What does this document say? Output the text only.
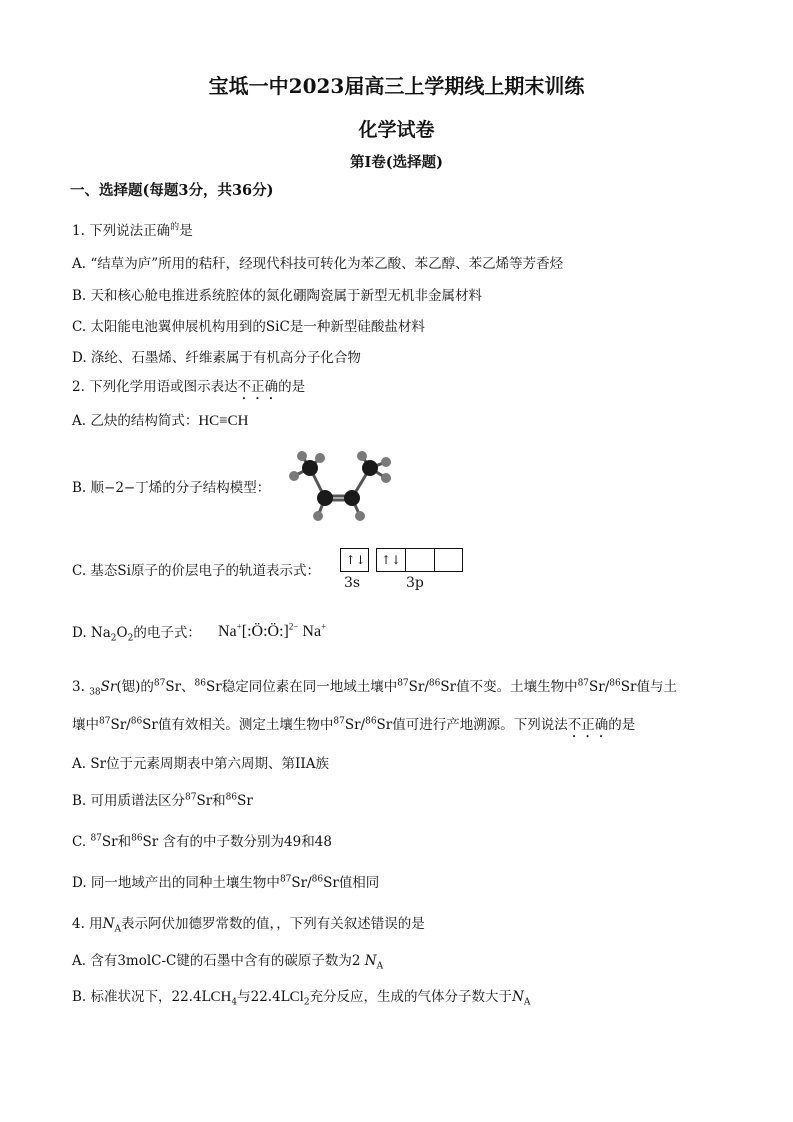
宝坻一中2023届高三上学期线上期末训练
化学试卷
第I卷(选择题)
一、选择题(每题3分，共36分)
1. 下列说法正确$^的$是
A. “结草为庐”所用的秸秆，经现代科技可转化为苯乙酸、苯乙醇、苯乙烯等芳香烃
B. 天和核心舱电推进系统腔体的氮化硼陶瓷属于新型无机非金属材料
C. 太阳能电池翼伸展机构用到的SiC是一种新型硅酸盐材料
D. 涤纶、石墨烯、纤维素属于有机高分子化合物
2. 下列化学用语或图示表达不正确的是
A. 乙炔的结构简式：HC≡CH
B. 顺−2−丁烯的分子结构模型：
C. 基态Si原子的价层电子的轨道表示式：
↑↓	↑↓
3s	3p
D. $Na_2O_2$的电子式： Na+[:Ö:Ö:]$^{2-}$ Na+
3. $_{38}$Sr(锶)的$^{87}$Sr、$^{86}$Sr稳定同位素在同一地域土壤中$^{87}$Sr/$^{86}$Sr值不变。土壤生物中$^{87}$Sr/$^{86}$Sr值与土
壤中$^{87}$Sr/$^{86}$Sr值有效相关。测定土壤生物中$^{87}$Sr/$^{86}$Sr值可进行产地溯源。下列说法不正确的是
A. Sr位于元素周期表中第六周期、第IIA族
B. 可用质谱法区分$^{87}$Sr和$^{86}$Sr
C. $^{87}$Sr和$^{86}$Sr 含有的中子数分别为49和48
D. 同一地域产出的同种土壤生物中$^{87}$Sr/$^{86}$Sr值相同
4. 用$N_A$表示阿伏加德罗常数的值，，下列有关叙述错误的是
A. 含有3molC-C键的石墨中含有的碳原子数为2 $N_A$
B. 标准状况下，$22.4LCH_4$与22.4LCl$_2$充分反应，生成的气体分子数大于$N_A$
